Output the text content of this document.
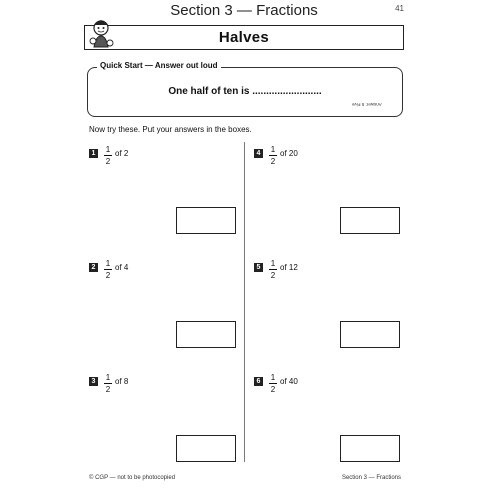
Section 3 — Fractions	41
Halves
Quick Start — Answer out loud
One half of ten is .........................
Answer: 5 Five
Now try these. Put your answers in the boxes.
1	$\frac{1}{2}$ of 2
2	$\frac{1}{2}$ of 4
3	$\frac{1}{2}$ of 8
4	$\frac{1}{2}$ of 20
5	$\frac{1}{2}$ of 12
6	$\frac{1}{2}$ of 40
© CGP — not to be photocopied	Section 3 — Fractions
